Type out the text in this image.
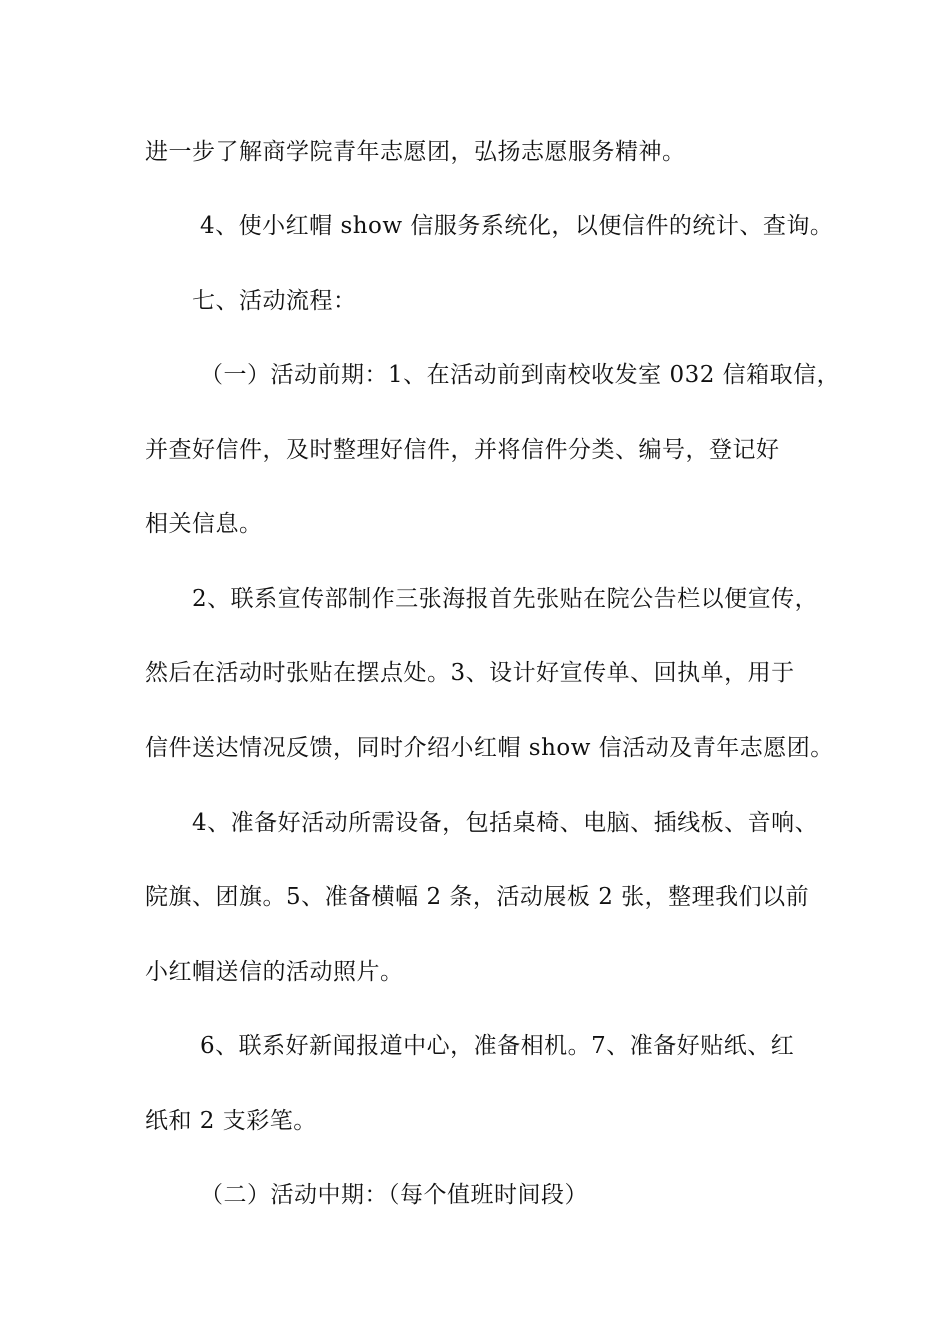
进一步了解商学院青年志愿团，弘扬志愿服务精神。
4、使小红帽 show 信服务系统化，以便信件的统计、查询。
七、活动流程：
（一）活动前期：1、在活动前到南校收发室 032 信箱取信，
并查好信件，及时整理好信件，并将信件分类、编号，登记好
相关信息。
2、联系宣传部制作三张海报首先张贴在院公告栏以便宣传，
然后在活动时张贴在摆点处。3、设计好宣传单、回执单，用于
信件送达情况反馈，同时介绍小红帽 show 信活动及青年志愿团。
4、准备好活动所需设备，包括桌椅、电脑、插线板、音响、
院旗、团旗。5、准备横幅 2 条，活动展板 2 张，整理我们以前
小红帽送信的活动照片。
6、联系好新闻报道中心，准备相机。7、准备好贴纸、红
纸和 2 支彩笔。
（二）活动中期：（每个值班时间段）
